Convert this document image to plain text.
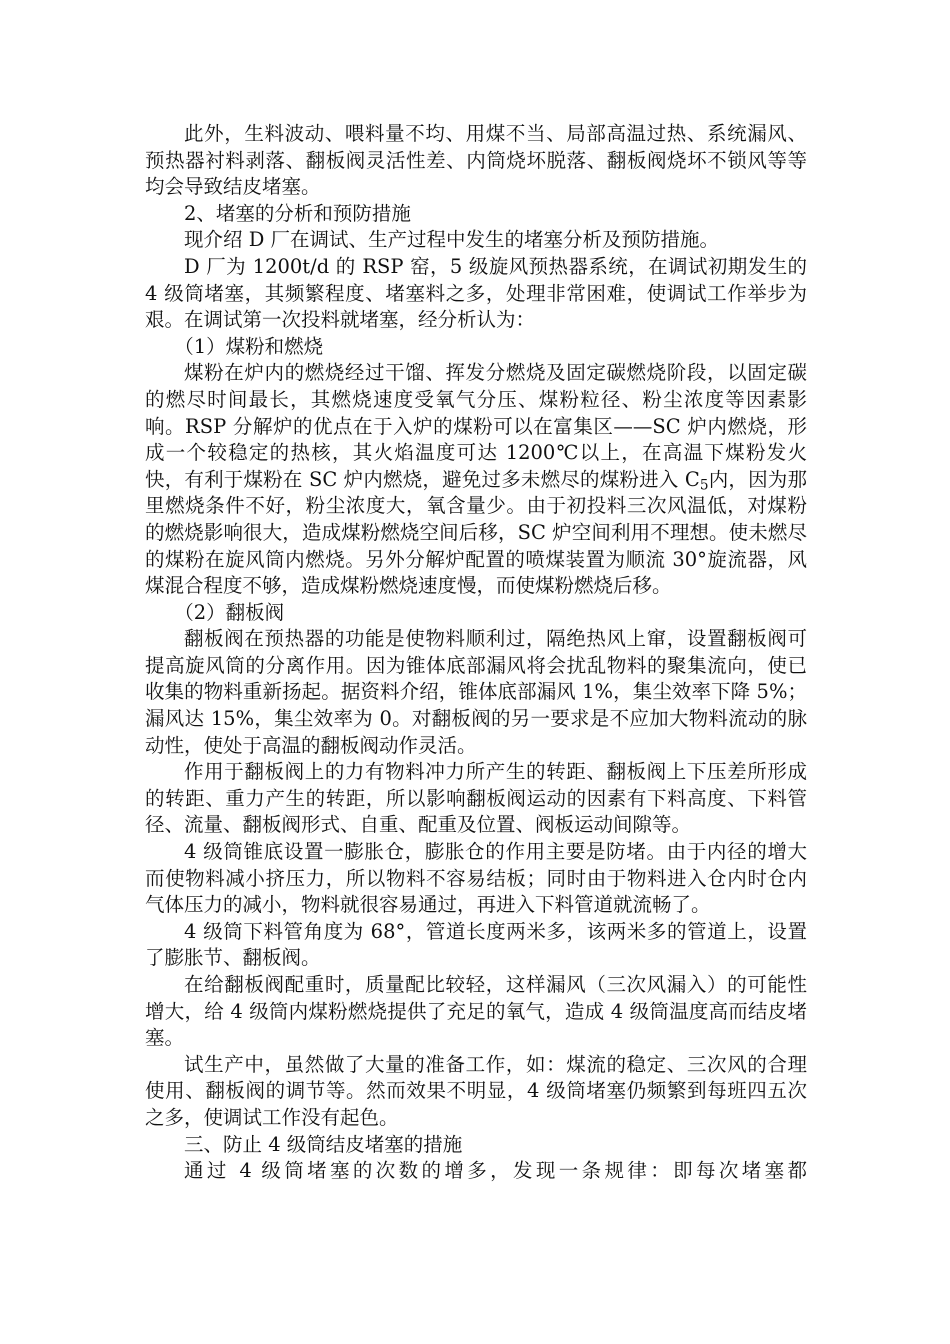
此外，生料波动、喂料量不均、用煤不当、局部高温过热、系统漏风、预热器衬料剥落、翻板阀灵活性差、内筒烧坏脱落、翻板阀烧坏不锁风等等均会导致结皮堵塞。

2、堵塞的分析和预防措施

现介绍 D 厂在调试、生产过程中发生的堵塞分析及预防措施。

D 厂为 1200t/d 的 RSP 窑，5 级旋风预热器系统，在调试初期发生的 4 级筒堵塞，其频繁程度、堵塞料之多，处理非常困难，使调试工作举步为艰。在调试第一次投料就堵塞，经分析认为：

（1）煤粉和燃烧

煤粉在炉内的燃烧经过干馏、挥发分燃烧及固定碳燃烧阶段，以固定碳的燃尽时间最长，其燃烧速度受氧气分压、煤粉粒径、粉尘浓度等因素影响。RSP 分解炉的优点在于入炉的煤粉可以在富集区——SC 炉内燃烧，形成一个较稳定的热核，其火焰温度可达 1200℃以上，在高温下煤粉发火快，有利于煤粉在 SC 炉内燃烧，避免过多未燃尽的煤粉进入 $C_5$内，因为那里燃烧条件不好，粉尘浓度大，氧含量少。由于初投料三次风温低，对煤粉的燃烧影响很大，造成煤粉燃烧空间后移，SC 炉空间利用不理想。使未燃尽的煤粉在旋风筒内燃烧。另外分解炉配置的喷煤装置为顺流 30°旋流器，风煤混合程度不够，造成煤粉燃烧速度慢，而使煤粉燃烧后移。

（2）翻板阀

翻板阀在预热器的功能是使物料顺利过，隔绝热风上窜，设置翻板阀可提高旋风筒的分离作用。因为锥体底部漏风将会扰乱物料的聚集流向，使已收集的物料重新扬起。据资料介绍，锥体底部漏风 1%，集尘效率下降 5%；漏风达 15%，集尘效率为 0。对翻板阀的另一要求是不应加大物料流动的脉动性，使处于高温的翻板阀动作灵活。

作用于翻板阀上的力有物料冲力所产生的转距、翻板阀上下压差所形成的转距、重力产生的转距，所以影响翻板阀运动的因素有下料高度、下料管径、流量、翻板阀形式、自重、配重及位置、阀板运动间隙等。

4 级筒锥底设置一膨胀仓，膨胀仓的作用主要是防堵。由于内径的增大而使物料减小挤压力，所以物料不容易结板；同时由于物料进入仓内时仓内气体压力的减小，物料就很容易通过，再进入下料管道就流畅了。

4 级筒下料管角度为 68°，管道长度两米多，该两米多的管道上，设置了膨胀节、翻板阀。

在给翻板阀配重时，质量配比较轻，这样漏风（三次风漏入）的可能性增大，给 4 级筒内煤粉燃烧提供了充足的氧气，造成 4 级筒温度高而结皮堵塞。

试生产中，虽然做了大量的准备工作，如：煤流的稳定、三次风的合理使用、翻板阀的调节等。然而效果不明显，4 级筒堵塞仍频繁到每班四五次之多，使调试工作没有起色。

三、防止 4 级筒结皮堵塞的措施

通过 4 级筒堵塞的次数的增多，发现一条规律：即每次堵塞都
